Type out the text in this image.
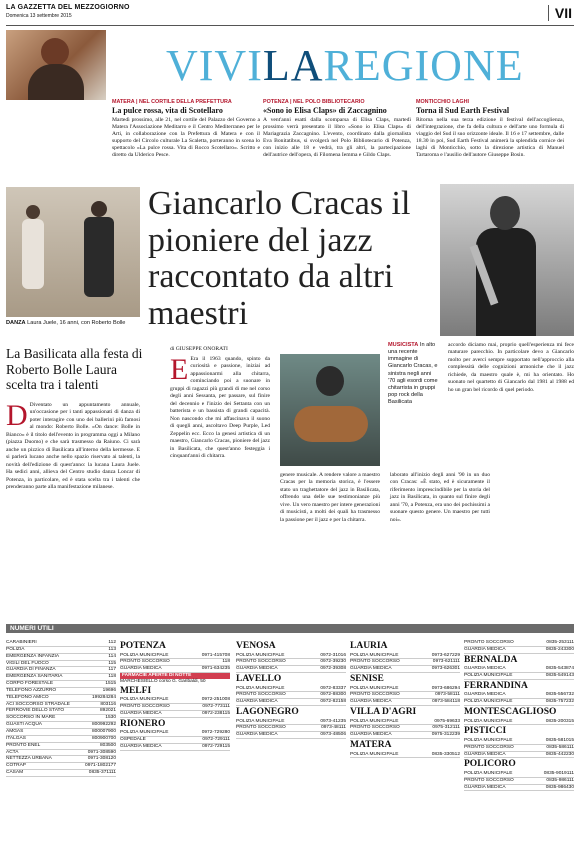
LA GAZZETTA DEL MEZZOGIORNO
Domenica 13 settembre 2015	VII
VIVILAREGIONE
MATERA | NEL CORTILE DELLA PREFETTURA
La pulce rossa, vita di Scotellaro
Martedì prossimo, alle 21, nel cortile del Palazzo del Governo a Matera l'Associazione Meditarro e il Centro Mediterraneo per le Arti, in collaborazione con la Prefettura di Matera e con il supporto del Circolo culturale La Scaletta, porteranno in scena lo spettacolo «La pulce rossa. Vita di Rocco Scotellaro». Scritto e diretto da Ulderico Pesce.
POTENZA | NEL POLO BIBLIOTECARIO
«Sono io Elisa Claps» di Zaccagnino
A vent'anni esatti dalla scomparsa di Elisa Claps, martedì prossimo verrà presentato il libro «Sono io Elisa Claps» di Mariagrazia Zaccagnino. L'evento, coordinato dalla giornalista Eva Bonitatibus, si svolgerà nel Polo Bibliotecario di Potenza, con inizio alle 18 e vedrà, tra gli altri, la partecipazione dell'autrice dell'opera, di Filomena Iemma e Gildo Claps.
MONTICCHIO LAGHI
Torna il Sud Earth Festival
Ritorna nella sua terza edizione il festival dell'accoglienza, dell'integrazione, che fa della cultura e dell'arte uno formula di viaggio del Sud il suo orizzonte ideale. Il 16 e 17 settembre, dalle 18.30 in poi, Sud Earth Festival animerà la splendida cornice dei laghi di Monticchio, sotto la direzione artistica di Manuel Tartaroma e l'ausilio dell'autore Giuseppe Bosin.
DANZA Laura Juele, 16 anni, con Roberto Bolle
Giancarlo Cracas il pioniere del jazz raccontato da altri maestri
La Basilicata alla festa di Roberto Bolle Laura scelta tra i talenti
D Diventato un appuntamento annuale, un'occasione per i tanti appassionati di danza di poter interagire con uno dei ballerini più famosi al mondo: Roberto Bolle. «On dance: Bolle in Bianco» è il titolo dell'evento in programma oggi a Milano (piazza Duomo) e che sarà trasmesso da Raiuno. Ci sarà anche un pizzico di Basilicata all'interno della kermesse. E si parlerà lucano anche nello spazio riservato ai talenti, la novità dell'edizione di quest'anno: la lucana Laura Juele. Ha sedici anni, allieva del Centro studio danza Loncar di Potenza, in particolare, ed è stata scelta tra i talenti che prenderanno parte alla manifestazione milanese.
di GIUSEPPE ONORATI
E Era il 1963 quando, spinto da curiosità e passione, iniziai ad appassionarmi alla chitarra, cominciando poi a suonare in gruppi di ragazzi più grandi di me nel corso degli anni Sessanta, per passare, sul finire del decennio e l'inizio dei Settanta con un batterista e un bassista di grandi capacità. Non nascondo che mi affascinava il suono di quegli anni, ascoltavo Deep Purple, Led Zeppelin ecc. Ecco la genesi artistica di un maestro, Giancarlo Cracas, pioniere del jazz in Basilicata, che quest'anno festeggia i cinquant'anni di chitarra.
genere musicale. A rendere valore a maestro Cracas per la memoria storica, è l'essere stato un traghettatore del jazz in Basilicata, offrendo una delle sue testimonianze più vive. Un vero maestro per intere generazioni di musicisti, a molti dei quali ha trasmesso la passione per il jazz e per la chitarra.
laborato all'inizio degli anni '90 in un duo con Cracas: «È stato, ed è sicuramente il riferimento imprescindibile per la storia del jazz in Basilicata, in quanto sul finire degli anni '70, a Potenza, era uno dei pochissimi a suonare questo genere. Un maestro per tutti noi».
MUSICISTA In alto una recente immagine di Giancarlo Cracas, e sinistra negli anni '70 agli esordi come chitarrista in gruppi pop rock della Basilicata
accordo diciamo mai, proprio quell'esperienza mi fece maturare parecchio. In particolare devo a Giancarlo molto per averci sempre supportato nell'approccio alla complessità delle cognizioni armoniche che il jazz richiede, da maestro quale è, mi ha orientato. Ho suonato nel quartetto di Giancarlo dal 1981 al 1988 ed ho un gran bel ricordo di quel periodo.
NUMERI UTILI
CARABINIERI	112
POLIZIA	113
EMERGENZA INFANZIA	114
VIGILI DEL FUOCO	115
GUARDIA DI FINANZA	117
EMERGENZA SANITARIA	118
CORPO FORESTALE	1515
TELEFONO AZZURRO	19696
TELEFONO AMICO	199284284
ACI SOCCORSO STRADALE	803116
FERROVIE DELLO STATO	892021
SOCCORSO IN MARE	1530
GUASTI ACQUA	800992292
AMGAS	800007900
ITALGAS	800900700
PRONTO ENEL	803500
ACTA	0971-308590
NETTEZZA URBANA	0971-308120
COTRAP	0971-1802177
CASAM	0835-371111
POTENZA
POLIZIA MUNICIPALE	0971-415708
PRONTO SOCCORSO	118
GUARDIA MEDICA	0971-634235
FARMACIE APERTE DI NOTTE
MARCHESIELLO corso G. Garibaldi, 50
MELFI
POLIZIA MUNICIPALE	0972-251008
PRONTO SOCCORSO	0972-773111
GUARDIA MEDICA	0972-238115
RIONERO
POLIZIA MUNICIPALE	0972-729280
OSPEDALE	0972-729111
GUARDIA MEDICA	0972-729115
VENOSA
POLIZIA MUNICIPALE	0972-31016
PRONTO SOCCORSO	0972-39230
GUARDIA MEDICA	0972-39308
LAVELLO
POLIZIA MUNICIPALE	0972-83337
PRONTO SOCCORSO	0972-88300
GUARDIA MEDICA	0972-82158
LAGONEGRO
POLIZIA MUNICIPALE	0973-41235
PRONTO SOCCORSO	0973-48111
GUARDIA MEDICA	0973-48506
LAURIA
POLIZIA MUNICIPALE	0973-627229
PRONTO SOCCORSO	0973-621111
GUARDIA MEDICA	0973-626301
SENISE
POLIZIA MUNICIPALE	0973-686294
PRONTO SOCCORSO	0973-58111
GUARDIA MEDICA	0973-584118
VILLA D'AGRI
POLIZIA MUNICIPALE	0975-69633
PRONTO SOCCORSO	0975-312111
GUARDIA MEDICA	0975-312239
MATERA
POLIZIA MUNICIPALE	0835-330512
PRONTO SOCCORSO	0835-253111
GUARDIA MEDICA	0835-243300
BERNALDA
GUARDIA MEDICA	0835-543874
POLIZIA MUNICIPALE	0835-549143
FERRANDINA
GUARDIA MEDICA	0835-556732
POLIZIA MUNICIPALE	0835-757232
MONTESCAGLIOSO
POLIZIA MUNICIPALE	0835-200315
PISTICCI
POLIZIA MUNICIPALE	0835-581015
PRONTO SOCCORSO	0835-586111
GUARDIA MEDICA	0835-442230
POLICORO
POLIZIA MUNICIPALE	0835-9019111
PRONTO SOCCORSO	0835-986111
GUARDIA MEDICA	0835-986430
